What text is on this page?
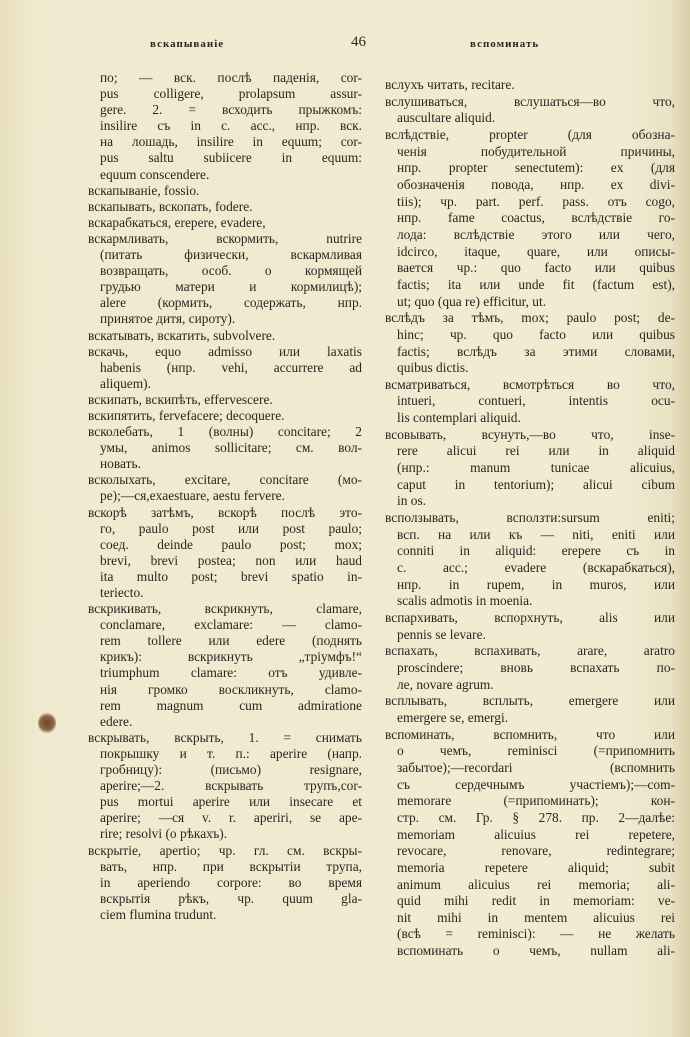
вскапываніе	46	вспоминать
по; — вск. послѣ паденія, cor-
pus colligere, prolapsum assur-
gere. 2. = всходить прыжкомъ:
insilire съ in c. acc., нпр. вск.
на лошадь, insilire in equum; cor-
pus saltu subiicere in equum:
equum conscendere.
вскапываніе, fossio.
вскапывать, вскопать, fodere.
вскарабкаться, erepere, evadere,
вскармливать, вскормить, nutrire
(питать физически, вскармливая
возвращать, особ. о кормящей
грудью матери и кормилицѣ);
alere (кормить, содержать, нпр.
принятое дитя, сироту).
вскатывать, вскатить, subvolvere.
вскачь, equo admisso или laxatis
habenis (нпр. vehi, accurrere ad
aliquem).
вскипать, вскипѣть, effervescere.
вскипятить, fervefacere; decoquere.
всколебать, 1 (волны) concitare; 2
умы, animos sollicitare; см. вол-
новать.
всколыхать, excitare, concitare (мо-
ре);—ся,exaestuare, aestu fervere.
вскорѣ затѣмъ, вскорѣ послѣ это-
го, paulo post или post paulo;
соед. deinde paulo post; mox;
brevi, brevi postea; non или haud
ita multo post; brevi spatio in-
teriecto.
вскрикивать, вскрикнуть, clamare,
conclamare, exclamare: — clamo-
rem tollere или edere (поднять
крикъ): вскрикнуть „тріумфъ!“
triumphum clamare: отъ удивле-
нія громко воскликнуть, clamo-
rem magnum cum admiratione
edere.
вскрывать, вскрыть, 1. = снимать
покрышку и т. п.: aperire (напр.
гробницу): (письмо) resignare,
aperire;—2. вскрывать трупъ,cor-
pus mortui aperire или insecare et
aperire; —ся v. r. aperiri, se ape-
rire; resolvi (о рѣкахъ).
вскрытіе, apertio; чр. гл. см. вскры-
вать, нпр. при вскрытіи трупа,
in aperiendo corpore: во время
вскрытія рѣкъ, чр. quum gla-
ciem flumina trudunt.
вслухъ читать, recitare.
вслушиваться, вслушаться—во что,
auscultare aliquid.
вслѣдствіе, propter (для обозна-
ченія побудительной причины,
нпр. propter senectutem): ex (для
обозначенія повода, нпр. ex divi-
tiis); чр. part. perf. pass. отъ cogo,
нпр. fame coactus, вслѣдствіе го-
лода: вслѣдствіе этого или чего,
idcirco, itaque, quare, или описы-
вается чр.: quo facto или quibus
factis; ita или unde fit (factum est),
ut; quo (qua re) efficitur, ut.
вслѣдъ за тѣмъ, mox; paulo post; de-
hinc; чр. quo facto или quibus
factis; вслѣдъ за этими словами,
quibus dictis.
всматриваться, всмотрѣться во что,
intueri, contueri, intentis ocu-
lis contemplari aliquid.
всовывать, всунуть,—во что, inse-
rere alicui rei или in aliquid
(нпр.: manum tunicae alicuius,
caput in tentorium); alicui cibum
in os.
всползывать, всползти:sursum eniti;
всп. на или къ — niti, eniti или
conniti in aliquid: erepere съ in
c. acc.; evadere (вскарабкаться),
нпр. in rupem, in muros, или
scalis admotis in moenia.
вспархивать, вспорхнуть, alis или
pennis se levare.
вспахать, вспахивать, arare, aratro
proscindere; вновь вспахать по-
ле, novare agrum.
всплывать, всплыть, emergere или
emergere se, emergi.
вспоминать, вспомнить, что или
о чемъ, reminisci (=припомнить
забытое);—recordari (вспомнить
съ сердечнымъ участіемъ);—com-
memorare (=припоминать); кон-
стр. см. Гр. § 278. пр. 2—далѣе:
memoriam alicuius rei repetere,
revocare, renovare, redintegrare;
memoria repetere aliquid; subit
animum alicuius rei memoria; ali-
quid mihi redit in memoriam: ve-
nit mihi in mentem alicuius rei
(всѣ = reminisci): — не желать
вспоминать о чемъ, nullam ali-
